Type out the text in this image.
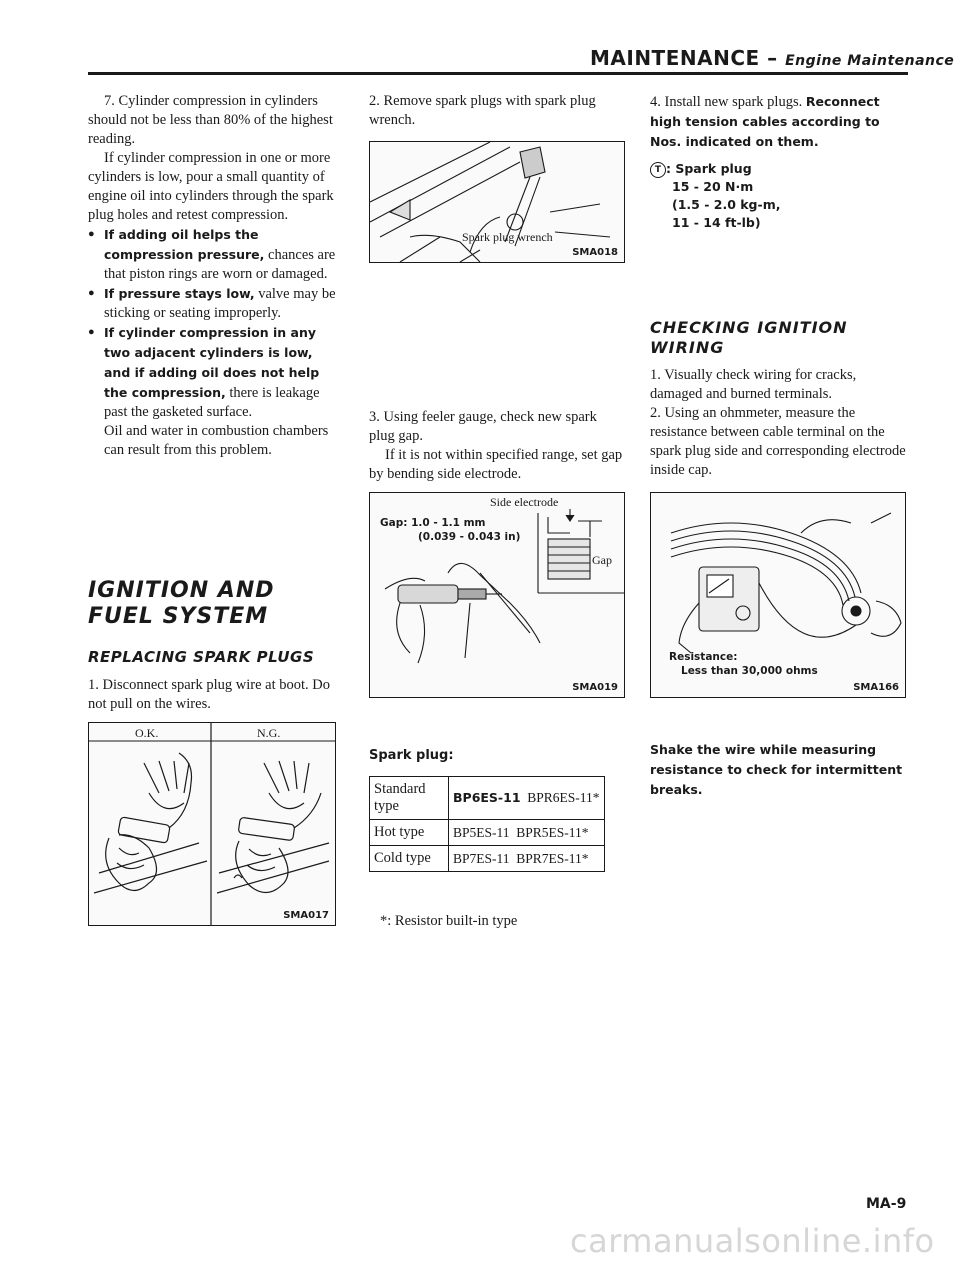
MAINTENANCE – Engine Maintenance

7. Cylinder compression in cylinders should not be less than 80% of the highest reading.

If cylinder compression in one or more cylinders is low, pour a small quantity of engine oil into cylinders through the spark plug holes and retest compression.

● If adding oil helps the compression pressure, chances are that piston rings are worn or damaged.

● If pressure stays low, valve may be sticking or seating improperly.

● If cylinder compression in any two adjacent cylinders is low, and if adding oil does not help the compression, there is leakage past the gasketed surface.

Oil and water in combustion chambers can result from this problem.

IGNITION AND
FUEL SYSTEM
REPLACING SPARK PLUGS
1. Disconnect spark plug wire at boot. Do not pull on the wires.
O.K.	N.G.
SMA017
2. Remove spark plugs with spark plug wrench.
Spark plug wrench
SMA018

3. Using feeler gauge, check new spark plug gap.

If it is not within specified range, set gap by bending side electrode.

Side electrode
Gap: 1.0 - 1.1 mm
(0.039 - 0.043 in)
Gap
SMA019
Spark plug:
Standard type	BP6ES-11 BPR6ES-11*
Hot type	BP5ES-11 BPR5ES-11*
Cold type	BP7ES-11 BPR7ES-11*
*: Resistor built-in type
4. Install new spark plugs. Reconnect high tension cables according to Nos. indicated on them.
T : Spark plug
15 - 20 N·m
(1.5 - 2.0 kg-m,
11 - 14 ft-lb)
CHECKING IGNITION
WIRING

1. Visually check wiring for cracks, damaged and burned terminals.

2. Using an ohmmeter, measure the resistance between cable terminal on the spark plug side and corresponding electrode inside cap.

Resistance:
Less than 30,000 ohms
SMA166
Shake the wire while measuring resistance to check for intermittent breaks.
MA-9
carmanualsonline.info
